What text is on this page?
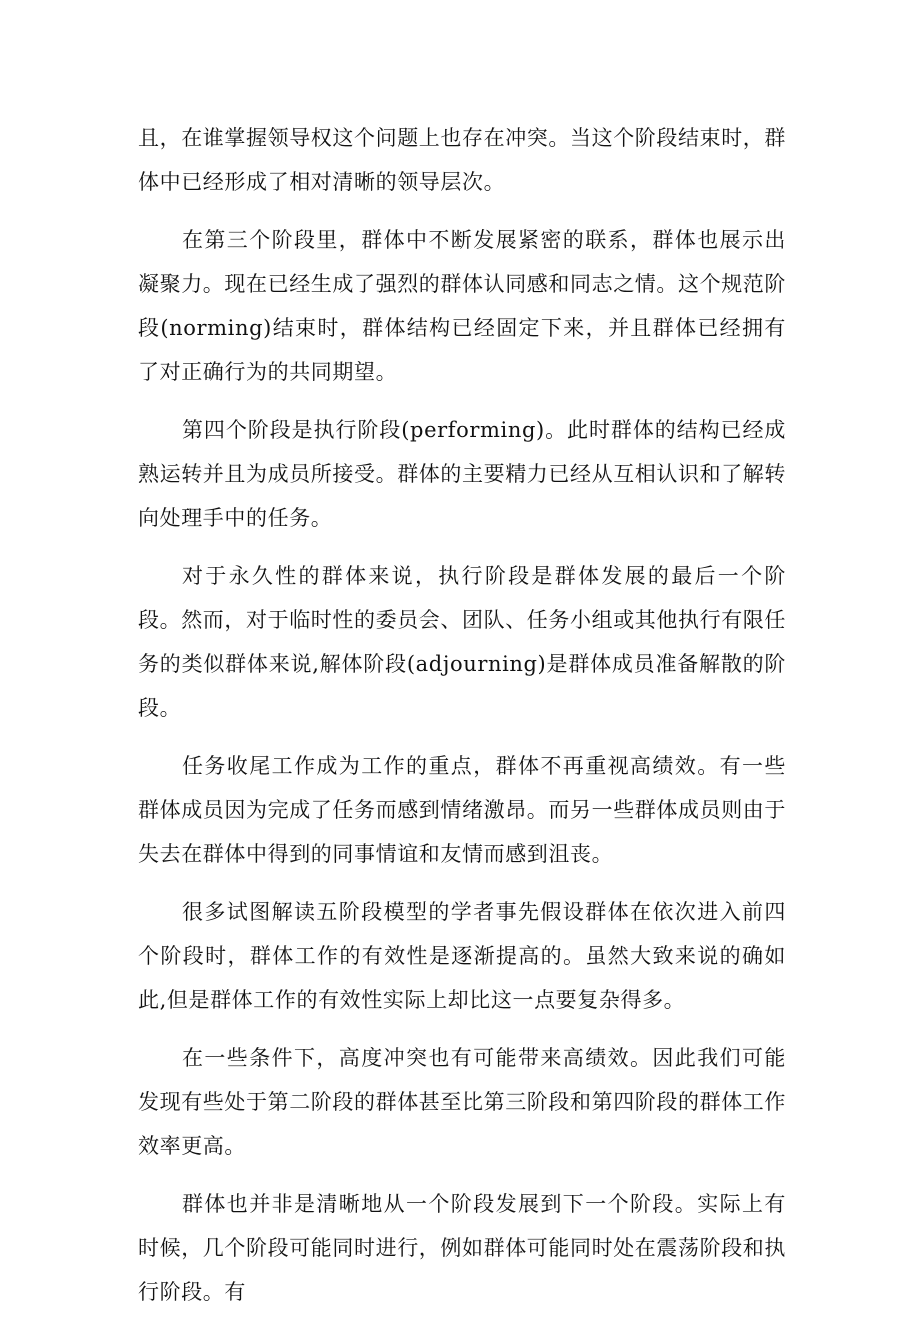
且，在谁掌握领导权这个问题上也存在冲突。当这个阶段结束时，群体中已经形成了相对清晰的领导层次。

在第三个阶段里，群体中不断发展紧密的联系，群体也展示出凝聚力。现在已经生成了强烈的群体认同感和同志之情。这个规范阶段(norming)结束时，群体结构已经固定下来，并且群体已经拥有了对正确行为的共同期望。

第四个阶段是执行阶段(performing)。此时群体的结构已经成熟运转并且为成员所接受。群体的主要精力已经从互相认识和了解转向处理手中的任务。

对于永久性的群体来说，执行阶段是群体发展的最后一个阶段。然而，对于临时性的委员会、团队、任务小组或其他执行有限任务的类似群体来说,解体阶段(adjourning)是群体成员准备解散的阶段。

任务收尾工作成为工作的重点，群体不再重视高绩效。有一些群体成员因为完成了任务而感到情绪激昂。而另一些群体成员则由于失去在群体中得到的同事情谊和友情而感到沮丧。

很多试图解读五阶段模型的学者事先假设群体在依次进入前四个阶段时，群体工作的有效性是逐渐提高的。虽然大致来说的确如此,但是群体工作的有效性实际上却比这一点要复杂得多。

在一些条件下，高度冲突也有可能带来高绩效。因此我们可能发现有些处于第二阶段的群体甚至比第三阶段和第四阶段的群体工作效率更高。

群体也并非是清晰地从一个阶段发展到下一个阶段。实际上有时候，几个阶段可能同时进行，例如群体可能同时处在震荡阶段和执行阶段。有
